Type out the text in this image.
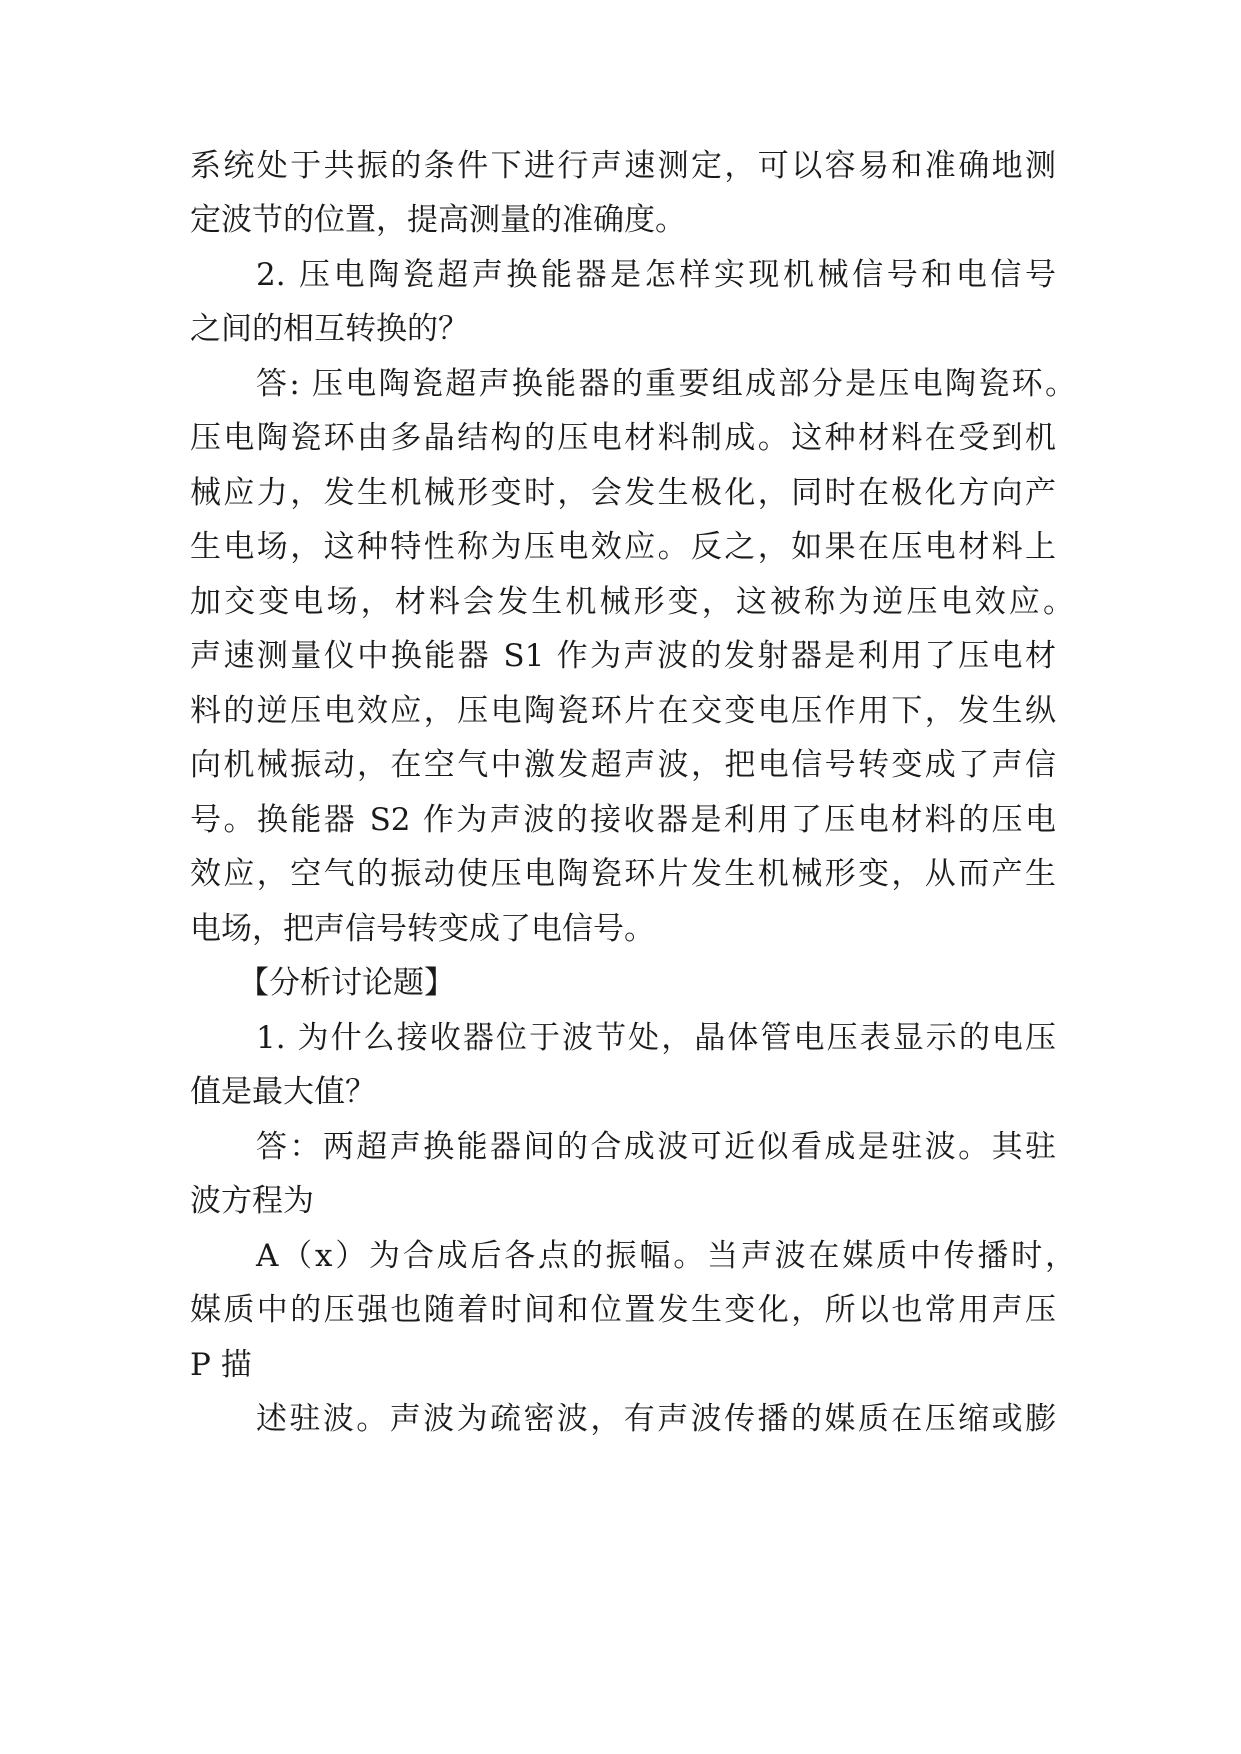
系统处于共振的条件下进行声速测定，可以容易和准确地测
定波节的位置，提高测量的准确度。
2. 压电陶瓷超声换能器是怎样实现机械信号和电信号
之间的相互转换的？
答: 压电陶瓷超声换能器的重要组成部分是压电陶瓷环。
压电陶瓷环由多晶结构的压电材料制成。这种材料在受到机
械应力，发生机械形变时，会发生极化，同时在极化方向产
生电场，这种特性称为压电效应。反之，如果在压电材料上
加交变电场，材料会发生机械形变，这被称为逆压电效应。
声速测量仪中换能器 S1 作为声波的发射器是利用了压电材
料的逆压电效应，压电陶瓷环片在交变电压作用下，发生纵
向机械振动，在空气中激发超声波，把电信号转变成了声信
号。换能器 S2 作为声波的接收器是利用了压电材料的压电
效应，空气的振动使压电陶瓷环片发生机械形变，从而产生
电场，把声信号转变成了电信号。
【分析讨论题】
1. 为什么接收器位于波节处，晶体管电压表显示的电压
值是最大值？
答：两超声换能器间的合成波可近似看成是驻波。其驻
波方程为
A（x）为合成后各点的振幅。当声波在媒质中传播时，
媒质中的压强也随着时间和位置发生变化，所以也常用声压
P 描
述驻波。声波为疏密波，有声波传播的媒质在压缩或膨
